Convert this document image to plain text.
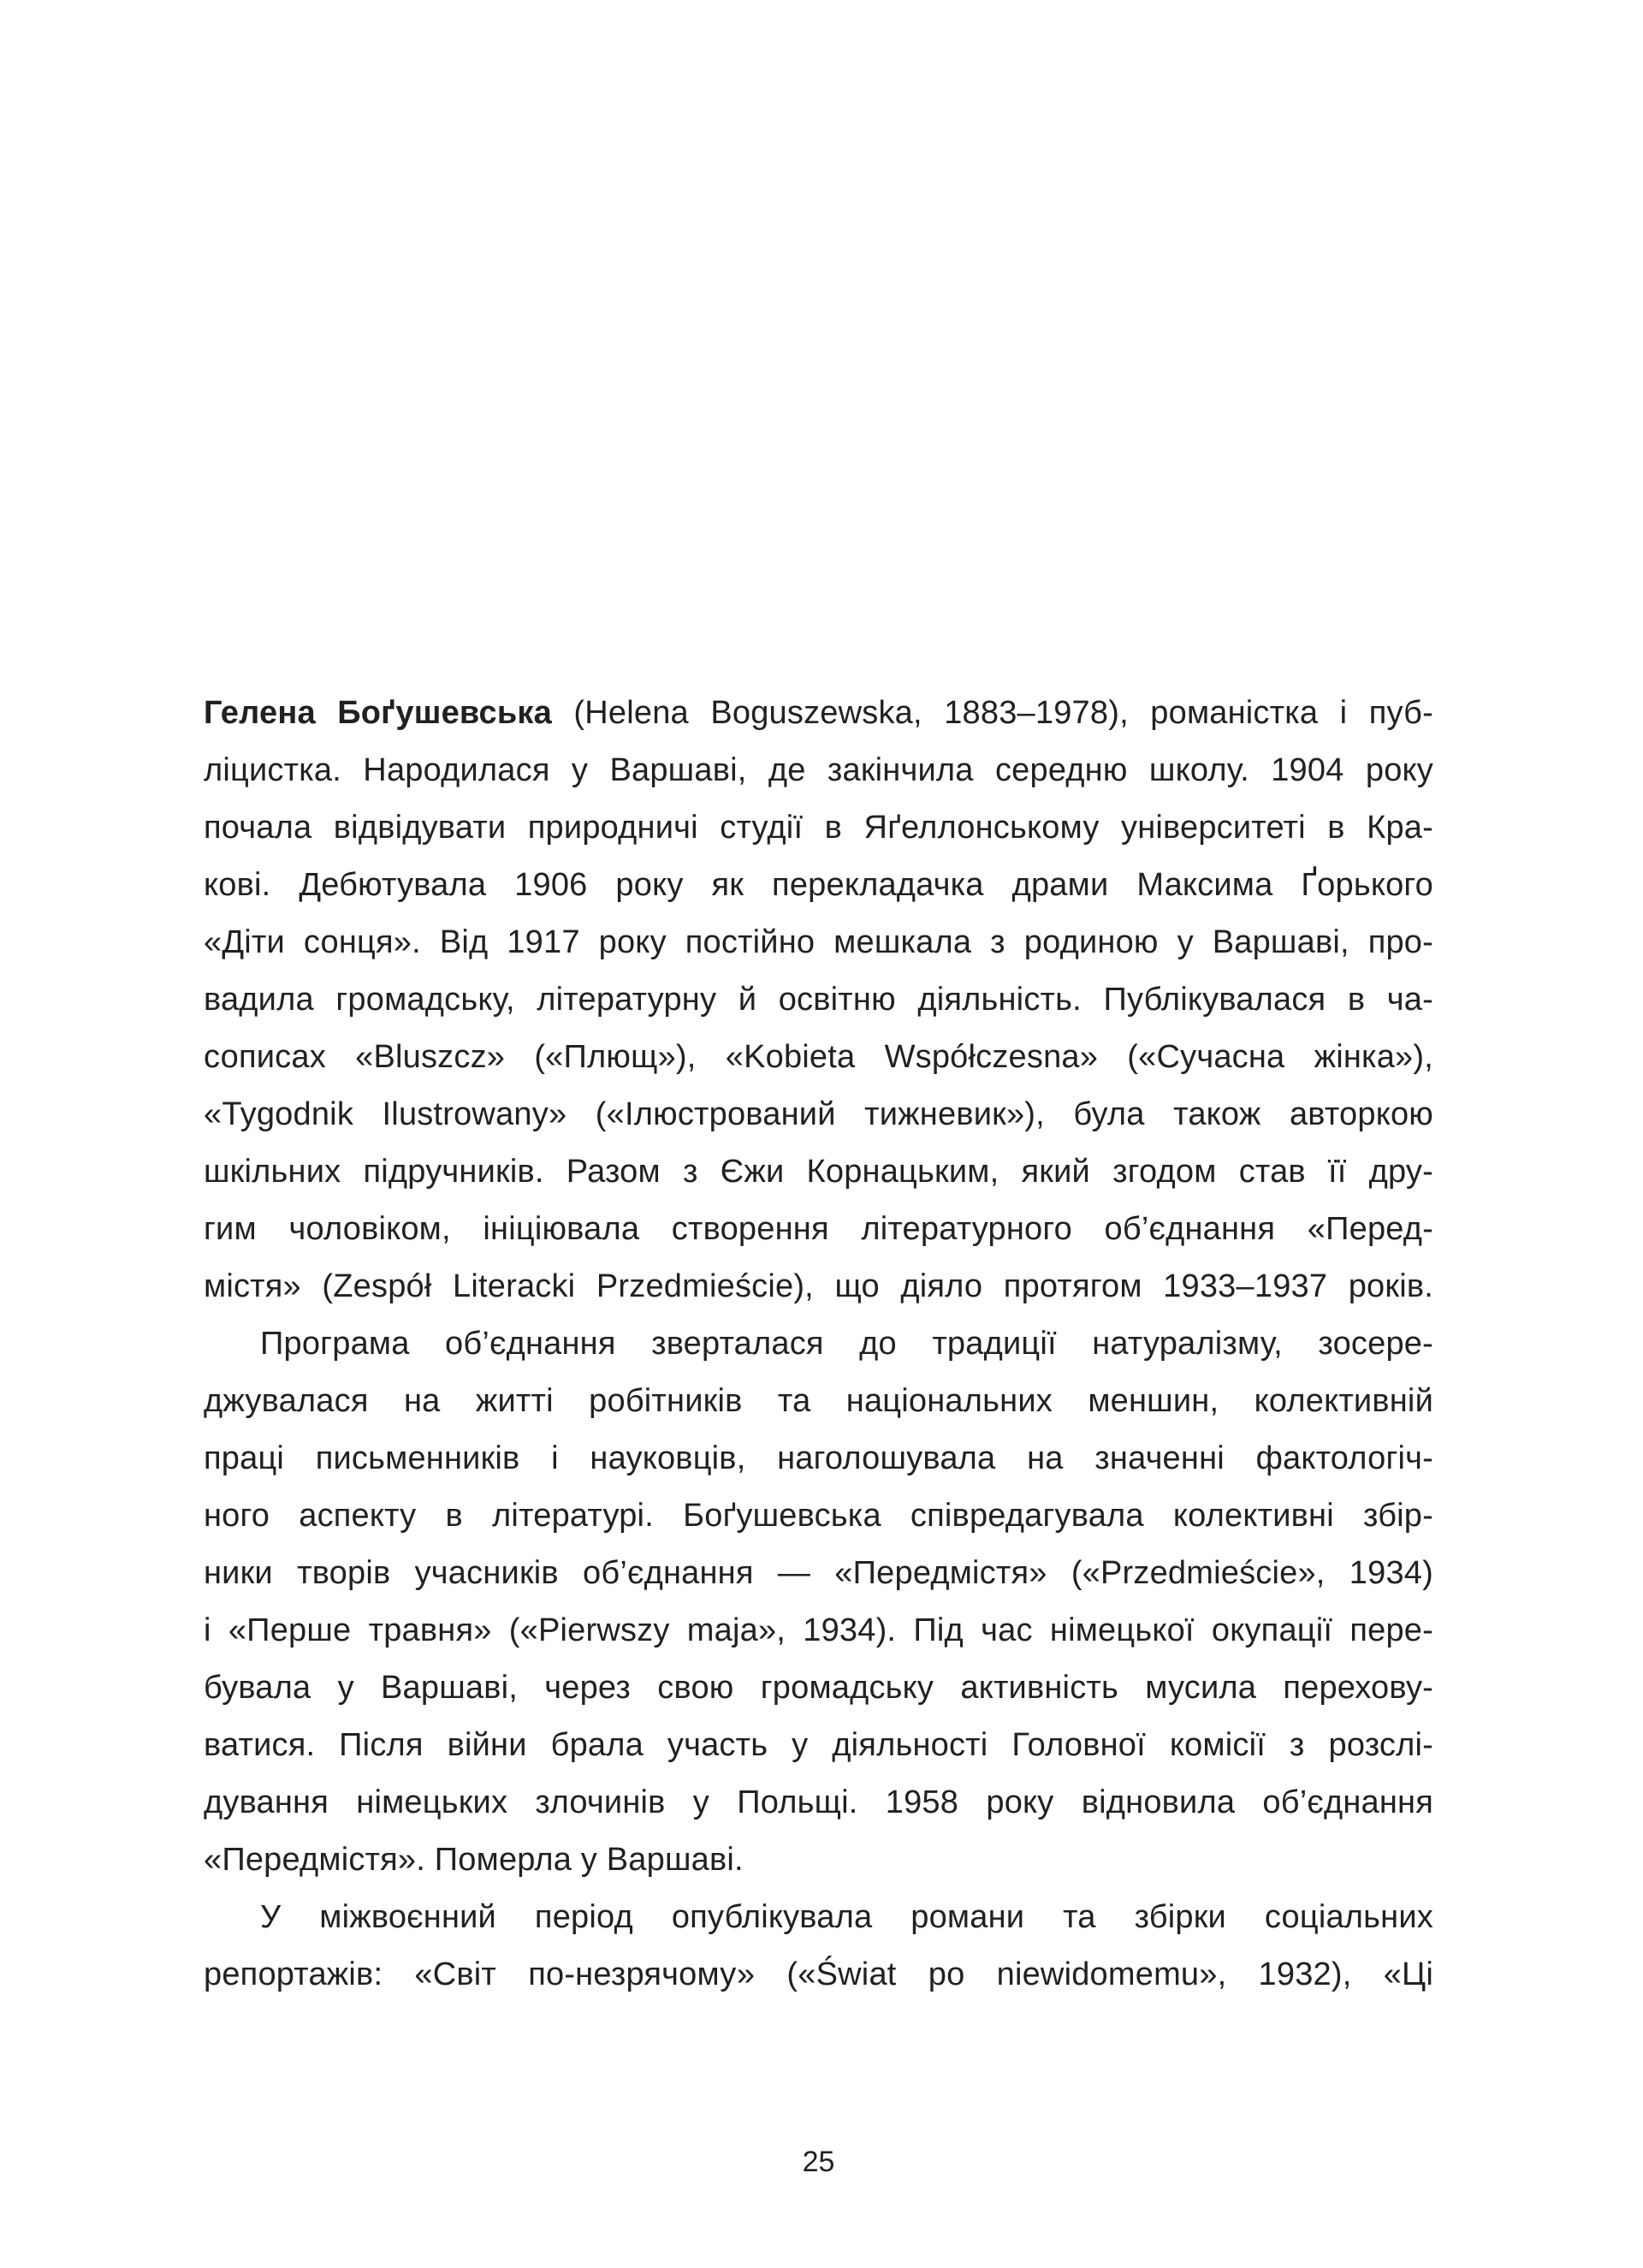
Гелена Боґушевська (Helena Boguszewska, 1883–1978), романістка і пуб-
ліцистка. Народилася у Варшаві, де закінчила середню школу. 1904 року
почала відвідувати природничі студії в Яґеллонському університеті в Кра-
кові. Дебютувала 1906 року як перекладачка драми Максима Ґорького
«Діти сонця». Від 1917 року постійно мешкала з родиною у Варшаві, про-
вадила громадську, літературну й освітню діяльність. Публікувалася в ча-
сописах «Bluszcz» («Плющ»), «Kobieta Współczesna» («Сучасна жінка»),
«Tygodnik Ilustrowany» («Ілюстрований тижневик»), була також авторкою
шкільних підручників. Разом з Єжи Корнацьким, який згодом став її дру-
гим чоловіком, ініціювала створення літературного об’єднання «Перед-
містя» (Zespół Literacki Przedmieście), що діяло протягом 1933–1937 років.
Програма об’єднання зверталася до традиції натуралізму, зосере-
джувалася на житті робітників та національних меншин, колективній
праці письменників і науковців, наголошувала на значенні фактологіч-
ного аспекту в літературі. Боґушевська співредагувала колективні збір-
ники творів учасників об’єднання — «Передмістя» («Przedmieście», 1934)
і «Перше травня» («Pierwszy maja», 1934). Під час німецької окупації пере-
бувала у Варшаві, через свою громадську активність мусила перехову-
ватися. Після війни брала участь у діяльності Головної комісії з розслі-
дування німецьких злочинів у Польщі. 1958 року відновила об’єднання
«Передмістя». Померла у Варшаві.
У міжвоєнний період опублікувала романи та збірки соціальних
репортажів: «Світ по-незрячому» («Świat po niewidomemu», 1932), «Ці
25
